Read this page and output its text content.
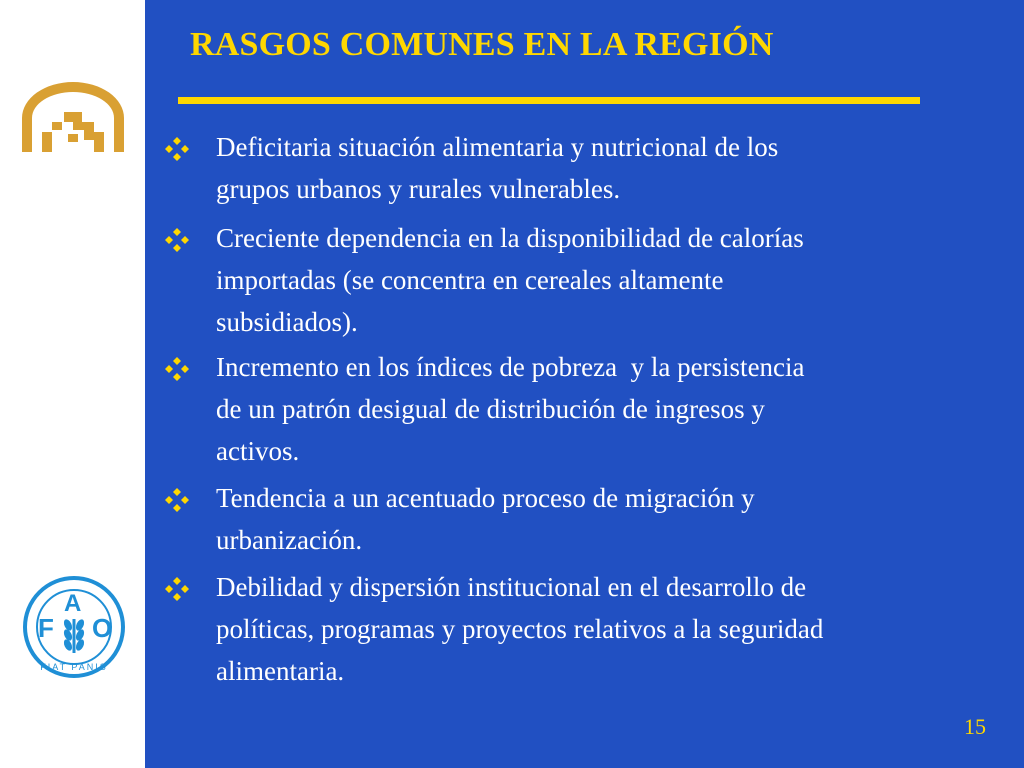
F
A
O
FIAT PANIS
RASGOS COMUNES EN LA REGIÓN
Deficitaria situación alimentaria y nutricional de los
grupos urbanos y rurales vulnerables.
Creciente dependencia en la disponibilidad de calorías
importadas (se concentra en cereales altamente
subsidiados).
Incremento en los índices de pobreza  y la persistencia
de un patrón desigual de distribución de ingresos y
activos.
Tendencia a un acentuado proceso de migración y
urbanización.
Debilidad y dispersión institucional en el desarrollo de
políticas, programas y proyectos relativos a la seguridad
alimentaria.
15
